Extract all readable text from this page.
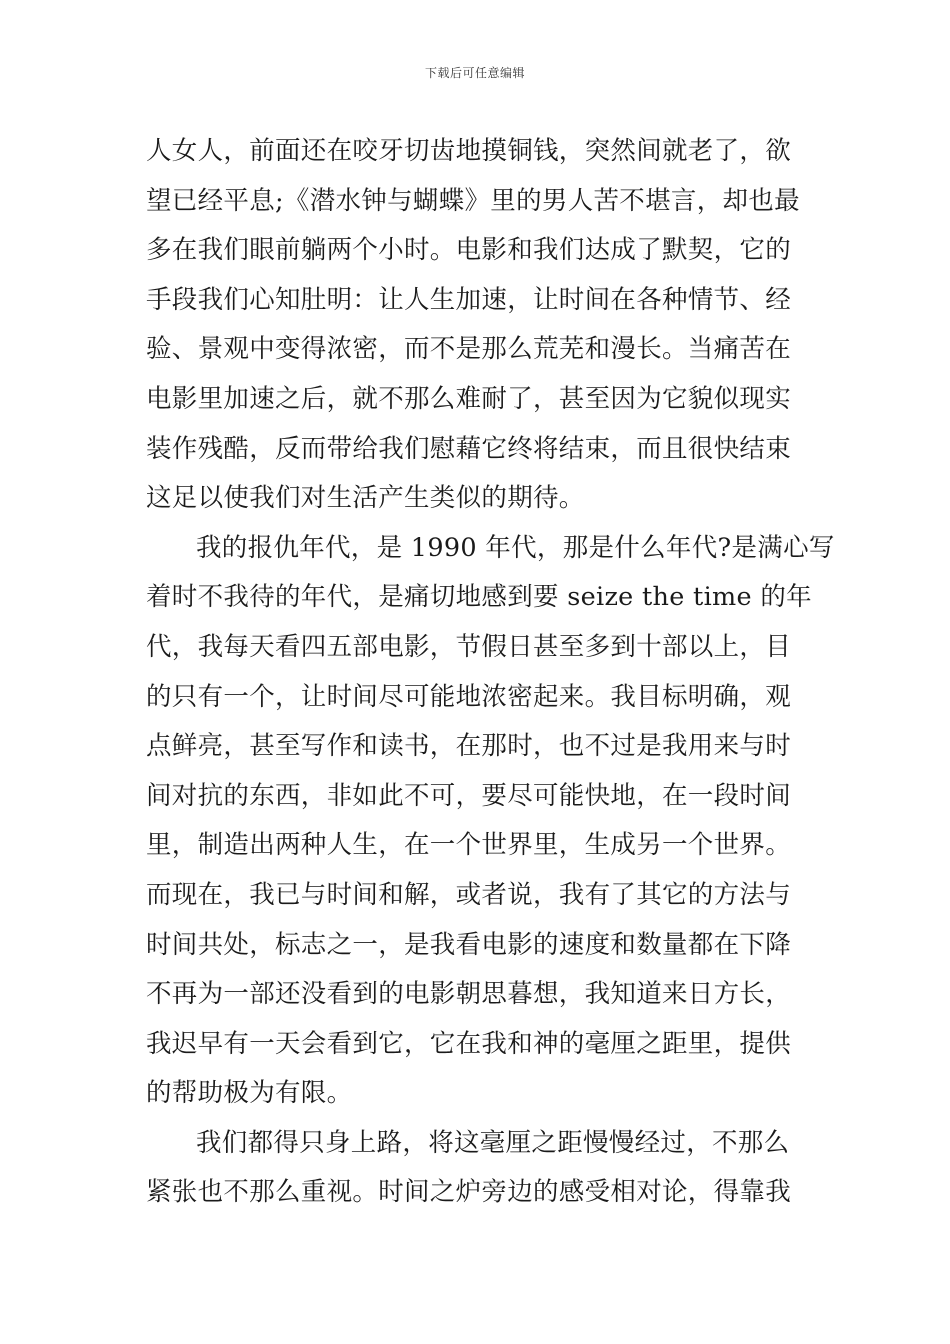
下载后可任意编辑
人女人，前面还在咬牙切齿地摸铜钱，突然间就老了，欲
望已经平息;《潜水钟与蝴蝶》里的男人苦不堪言，却也最
多在我们眼前躺两个小时。电影和我们达成了默契，它的
手段我们心知肚明：让人生加速，让时间在各种情节、经
验、景观中变得浓密，而不是那么荒芜和漫长。当痛苦在
电影里加速之后，就不那么难耐了，甚至因为它貌似现实
装作残酷，反而带给我们慰藉它终将结束，而且很快结束
这足以使我们对生活产生类似的期待。
我的报仇年代，是 1990 年代，那是什么年代?是满心写
着时不我待的年代，是痛切地感到要 seize the time 的年
代，我每天看四五部电影，节假日甚至多到十部以上，目
的只有一个，让时间尽可能地浓密起来。我目标明确，观
点鲜亮，甚至写作和读书，在那时，也不过是我用来与时
间对抗的东西，非如此不可，要尽可能快地，在一段时间
里，制造出两种人生，在一个世界里，生成另一个世界。
而现在，我已与时间和解，或者说，我有了其它的方法与
时间共处，标志之一，是我看电影的速度和数量都在下降
不再为一部还没看到的电影朝思暮想，我知道来日方长，
我迟早有一天会看到它，它在我和神的毫厘之距里，提供
的帮助极为有限。
我们都得只身上路，将这毫厘之距慢慢经过，不那么
紧张也不那么重视。时间之炉旁边的感受相对论，得靠我
